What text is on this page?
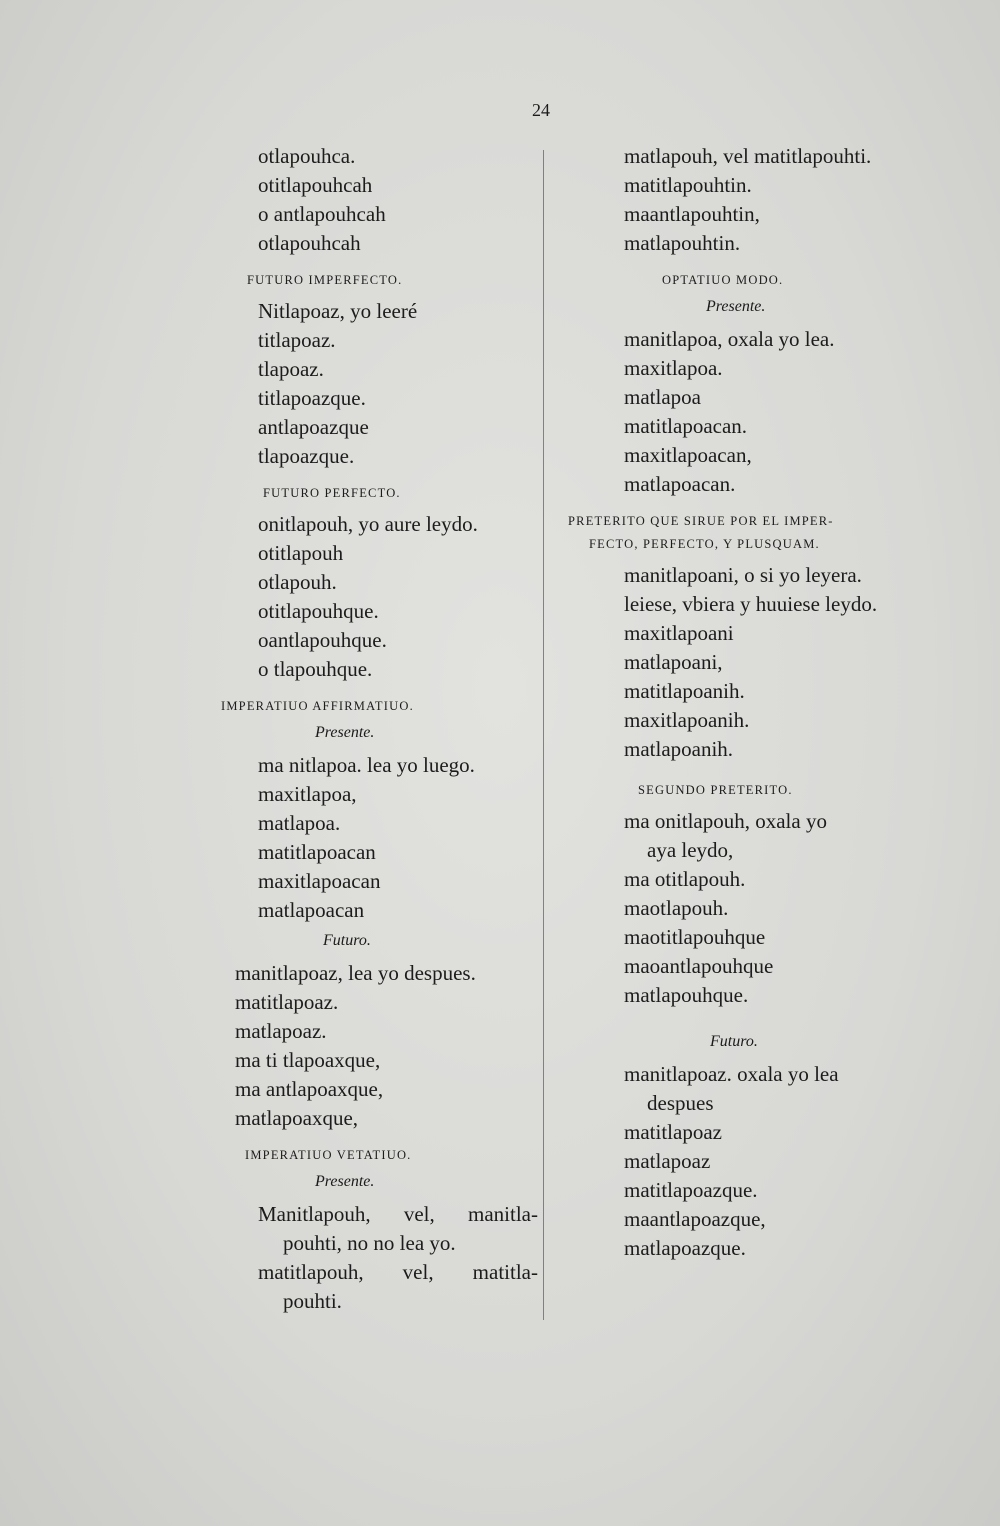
24
otlapouhca.
otitlapouhcah
o antlapouhcah
otlapouhcah
FUTURO IMPERFECTO.
Nitlapoaz, yo leeré
titlapoaz.
tlapoaz.
titlapoazque.
antlapoazque
tlapoazque.
FUTURO PERFECTO.
onitlapouh, yo aure leydo.
otitlapouh
otlapouh.
otitlapouhque.
oantlapouhque.
o tlapouhque.
IMPERATIUO AFFIRMATIUO.
Presente.
ma nitlapoa. lea yo luego.
maxitlapoa,
matlapoa.
matitlapoacan
maxitlapoacan
matlapoacan
Futuro.
manitlapoaz, lea yo despues.
matitlapoaz.
matlapoaz.
ma ti tlapoaxque,
ma antlapoaxque,
matlapoaxque,
IMPERATIUO VETATIUO.
Presente.
Manitlapouh, vel, manitla-
pouhti, no no lea yo.
matitlapouh, vel, matitla-
pouhti.
matlapouh, vel matitlapouhti.
matitlapouhtin.
maantlapouhtin,
matlapouhtin.
OPTATIUO MODO.
Presente.
manitlapoa, oxala yo lea.
maxitlapoa.
matlapoa
matitlapoacan.
maxitlapoacan,
matlapoacan.
PRETERITO QUE SIRUE POR EL IMPER-
FECTO, PERFECTO, Y PLUSQUAM.
manitlapoani, o si yo leyera.
leiese, vbiera y huuiese leydo.
maxitlapoani
matlapoani,
matitlapoanih.
maxitlapoanih.
matlapoanih.
SEGUNDO PRETERITO.
ma onitlapouh, oxala yo
aya leydo,
ma otitlapouh.
maotlapouh.
maotitlapouhque
maoantlapouhque
matlapouhque.
Futuro.
manitlapoaz. oxala yo lea
despues
matitlapoaz
matlapoaz
matitlapoazque.
maantlapoazque,
matlapoazque.
